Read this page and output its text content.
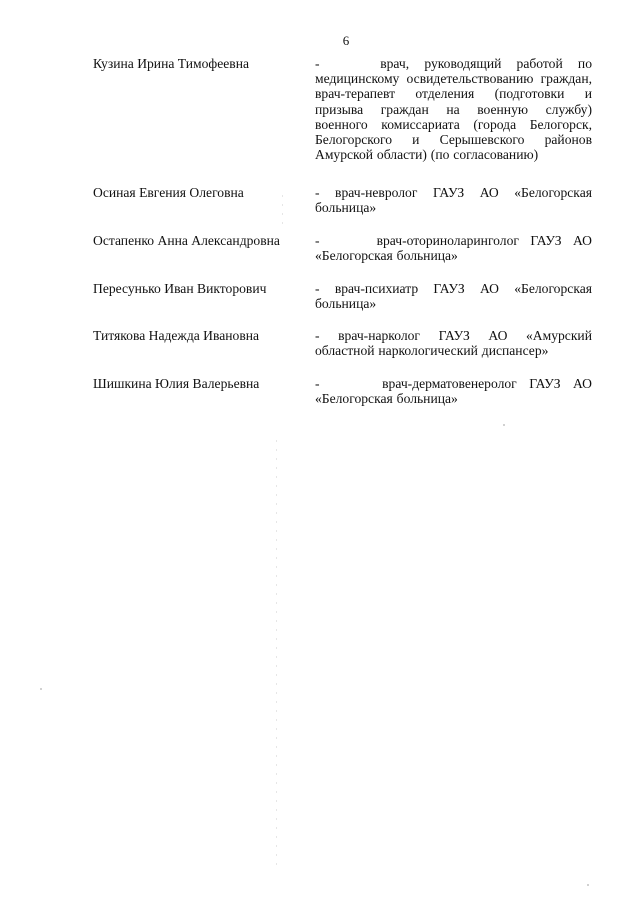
6
Кузина Ирина Тимофеевна	-    врач, руководящий работой по медицинскому освидетельствованию граждан, врач-терапевт отделения (подготовки и призыва граждан на военную службу) военного комиссариата (города Белогорск, Белогорского и Серышевского районов Амурской области) (по согласованию)
Осиная Евгения Олеговна	- врач-невролог ГАУЗ АО «Белогорская больница»
Остапенко Анна Александровна	-     врач-оториноларинголог ГАУЗ АО «Белогорская больница»
Пересунько Иван Викторович	- врач-психиатр ГАУЗ АО «Белогорская больница»
Титякова Надежда Ивановна	- врач-нарколог ГАУЗ АО «Амурский областной наркологический диспансер»
Шишкина Юлия Валерьевна	-     врач-дерматовенеролог ГАУЗ АО «Белогорская больница»
